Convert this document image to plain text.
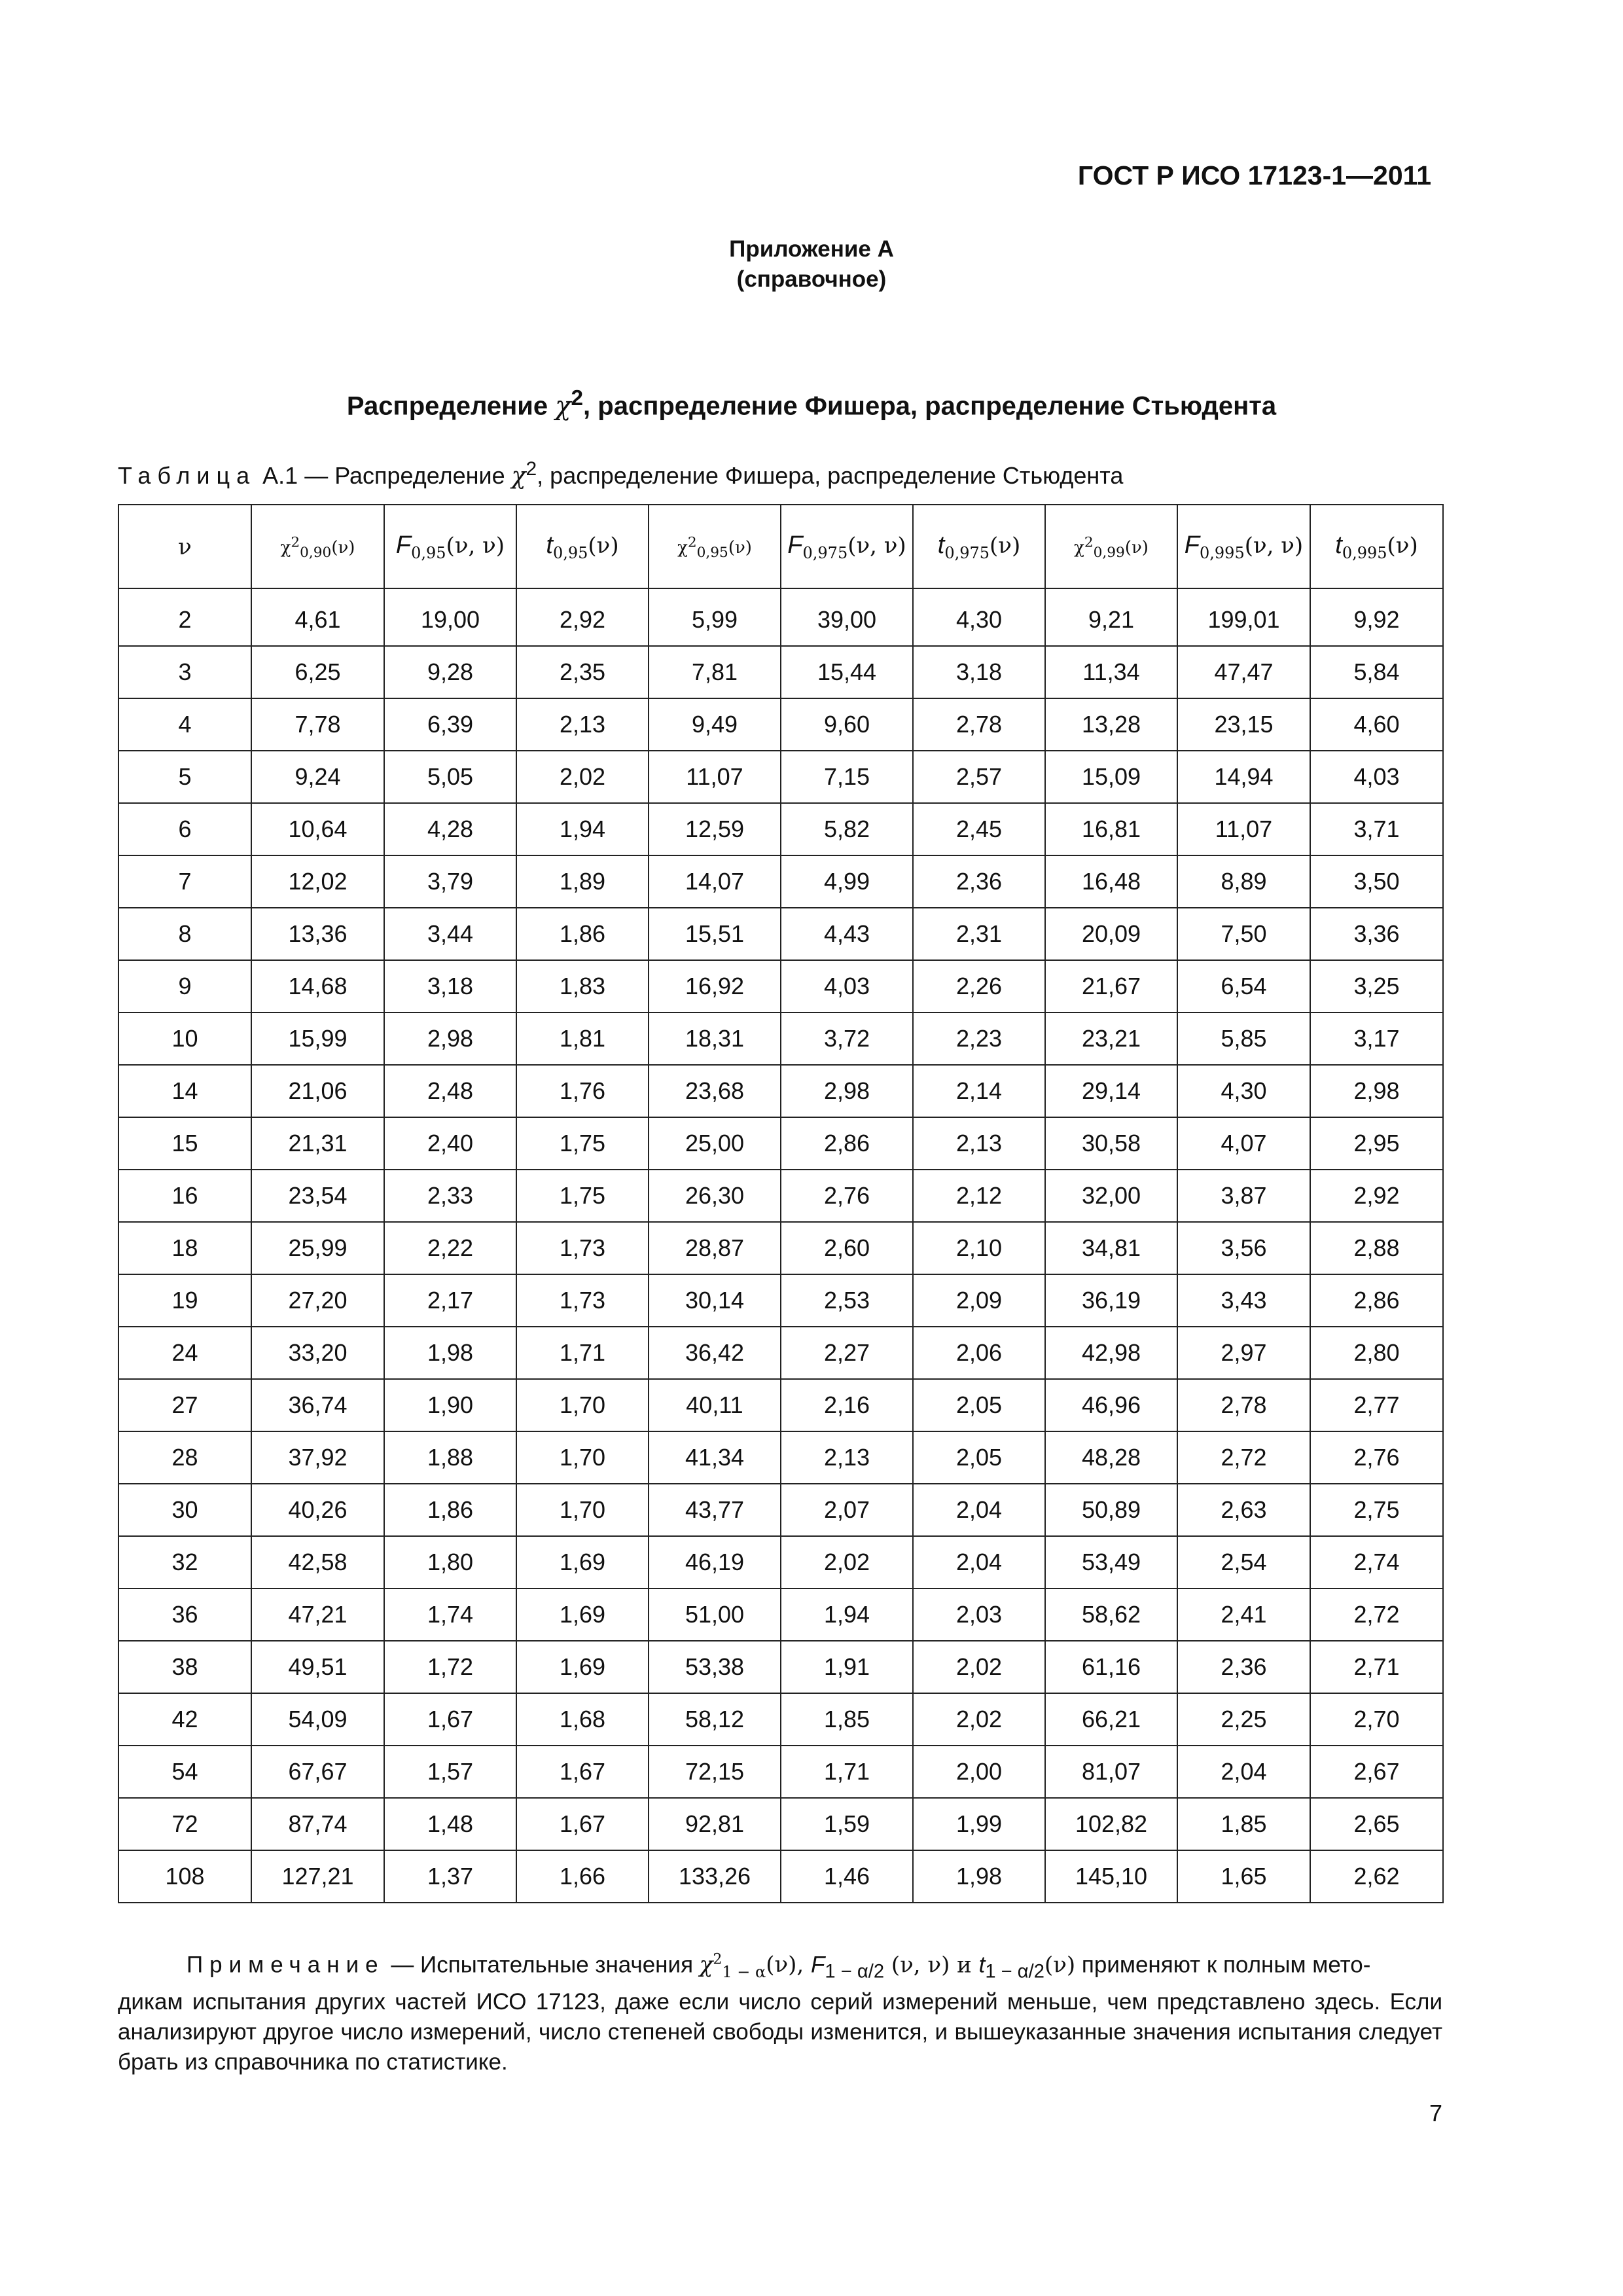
ГОСТ Р ИСО 17123-1—2011
Приложение А
(справочное)
Распределение $\chi^2$, распределение Фишера, распределение Стьюдента
Таблица А.1 — Распределение $\chi^2$, распределение Фишера, распределение Стьюдента
ν	$\chi^2_{0,90}(\nu)$	$F_{0,95}(\nu$, ν)	$t_{0,95}(\nu)$	$\chi^2_{0,95}(\nu)$	$F_{0,975}(\nu$, ν)	$t_{0,975}(\nu)$	$\chi^2_{0,99}(\nu)$	$F_{0,995}(\nu$, ν)	$t_{0,995}(\nu)$
2	4,61	19,00	2,92	5,99	39,00	4,30	9,21	199,01	9,92
3	6,25	9,28	2,35	7,81	15,44	3,18	11,34	47,47	5,84
4	7,78	6,39	2,13	9,49	9,60	2,78	13,28	23,15	4,60
5	9,24	5,05	2,02	11,07	7,15	2,57	15,09	14,94	4,03
6	10,64	4,28	1,94	12,59	5,82	2,45	16,81	11,07	3,71
7	12,02	3,79	1,89	14,07	4,99	2,36	16,48	8,89	3,50
8	13,36	3,44	1,86	15,51	4,43	2,31	20,09	7,50	3,36
9	14,68	3,18	1,83	16,92	4,03	2,26	21,67	6,54	3,25
10	15,99	2,98	1,81	18,31	3,72	2,23	23,21	5,85	3,17
14	21,06	2,48	1,76	23,68	2,98	2,14	29,14	4,30	2,98
15	21,31	2,40	1,75	25,00	2,86	2,13	30,58	4,07	2,95
16	23,54	2,33	1,75	26,30	2,76	2,12	32,00	3,87	2,92
18	25,99	2,22	1,73	28,87	2,60	2,10	34,81	3,56	2,88
19	27,20	2,17	1,73	30,14	2,53	2,09	36,19	3,43	2,86
24	33,20	1,98	1,71	36,42	2,27	2,06	42,98	2,97	2,80
27	36,74	1,90	1,70	40,11	2,16	2,05	46,96	2,78	2,77
28	37,92	1,88	1,70	41,34	2,13	2,05	48,28	2,72	2,76
30	40,26	1,86	1,70	43,77	2,07	2,04	50,89	2,63	2,75
32	42,58	1,80	1,69	46,19	2,02	2,04	53,49	2,54	2,74
36	47,21	1,74	1,69	51,00	1,94	2,03	58,62	2,41	2,72
38	49,51	1,72	1,69	53,38	1,91	2,02	61,16	2,36	2,71
42	54,09	1,67	1,68	58,12	1,85	2,02	66,21	2,25	2,70
54	67,67	1,57	1,67	72,15	1,71	2,00	81,07	2,04	2,67
72	87,74	1,48	1,67	92,81	1,59	1,99	102,82	1,85	2,65
108	127,21	1,37	1,66	133,26	1,46	1,98	145,10	1,65	2,62

Примечание — Испытательные значения $\chi^2_{1 - \alpha}(\nu)$, $F_{1 - \alpha/2}$ (ν, ν) и $t_{1 - \alpha/2}(\nu)$ применяют к полным мето-

дикам испытания других частей ИСО 17123, даже если число серий измерений меньше, чем представлено здесь. Если анализируют другое число измерений, число степеней свободы изменится, и вышеуказанные значения испытания следует брать из справочника по статистике.

7
